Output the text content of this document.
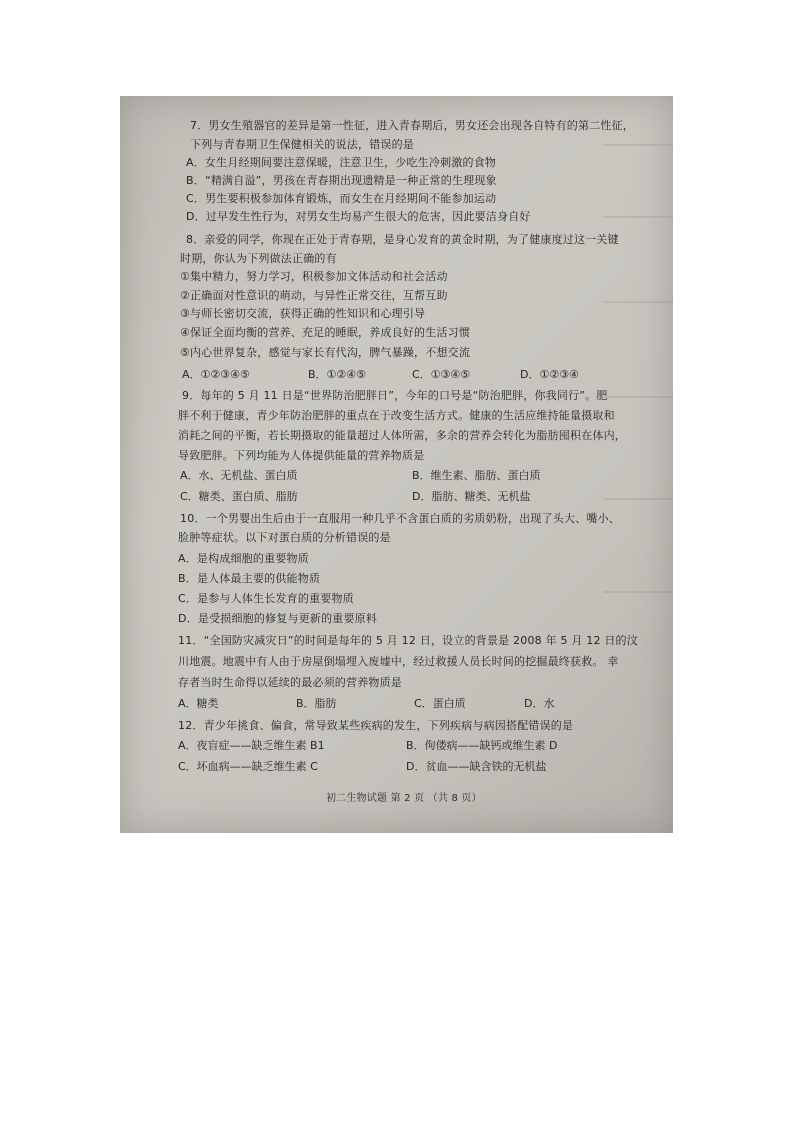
7．男女生殖器官的差异是第一性征，进入青春期后，男女还会出现各自特有的第二性征，
下列与青春期卫生保健相关的说法，错误的是
A．女生月经期间要注意保暖，注意卫生，少吃生冷刺激的食物
B．“精满自溢”，男孩在青春期出现遗精是一种正常的生理现象
C．男生要积极参加体育锻炼，而女生在月经期间不能参加运动
D．过早发生性行为，对男女生均易产生很大的危害，因此要洁身自好
8．亲爱的同学，你现在正处于青春期，是身心发育的黄金时期，为了健康度过这一关键
时期，你认为下列做法正确的有
①集中精力，努力学习，积极参加文体活动和社会活动
②正确面对性意识的萌动，与异性正常交往，互帮互助
③与师长密切交流，获得正确的性知识和心理引导
④保证全面均衡的营养、充足的睡眠，养成良好的生活习惯
⑤内心世界复杂，感觉与家长有代沟，脾气暴躁，不想交流
A．①②③④⑤	B．①②④⑤	C．①③④⑤	D．①②③④
9．每年的 5 月 11 日是“世界防治肥胖日”，今年的口号是“防治肥胖，你我同行”。肥
胖不利于健康，青少年防治肥胖的重点在于改变生活方式。健康的生活应维持能量摄取和
消耗之间的平衡，若长期摄取的能量超过人体所需，多余的营养会转化为脂肪囤积在体内，
导致肥胖。下列均能为人体提供能量的营养物质是
A．水、无机盐、蛋白质	B．维生素、脂肪、蛋白质
C．糖类、蛋白质、脂肪	D．脂肪、糖类、无机盐
10．一个男婴出生后由于一直服用一种几乎不含蛋白质的劣质奶粉，出现了头大、嘴小、
脸肿等症状。以下对蛋白质的分析错误的是
A．是构成细胞的重要物质
B．是人体最主要的供能物质
C．是参与人体生长发育的重要物质
D．是受损细胞的修复与更新的重要原料
11．“全国防灾减灾日”的时间是每年的 5 月 12 日，设立的背景是 2008 年 5 月 12 日的汶
川地震。地震中有人由于房屋倒塌埋入废墟中，经过救援人员长时间的挖掘最终获救。 幸
存者当时生命得以延续的最必须的营养物质是
A．糖类	B．脂肪	C．蛋白质	D．水
12．青少年挑食、偏食，常导致某些疾病的发生，下列疾病与病因搭配错误的是
A．夜盲症——缺乏维生素 B1	B．佝偻病——缺钙或维生素 D
C．坏血病——缺乏维生素 C	D．贫血——缺含铁的无机盐
初二生物试题 第 2 页 （共 8 页）
